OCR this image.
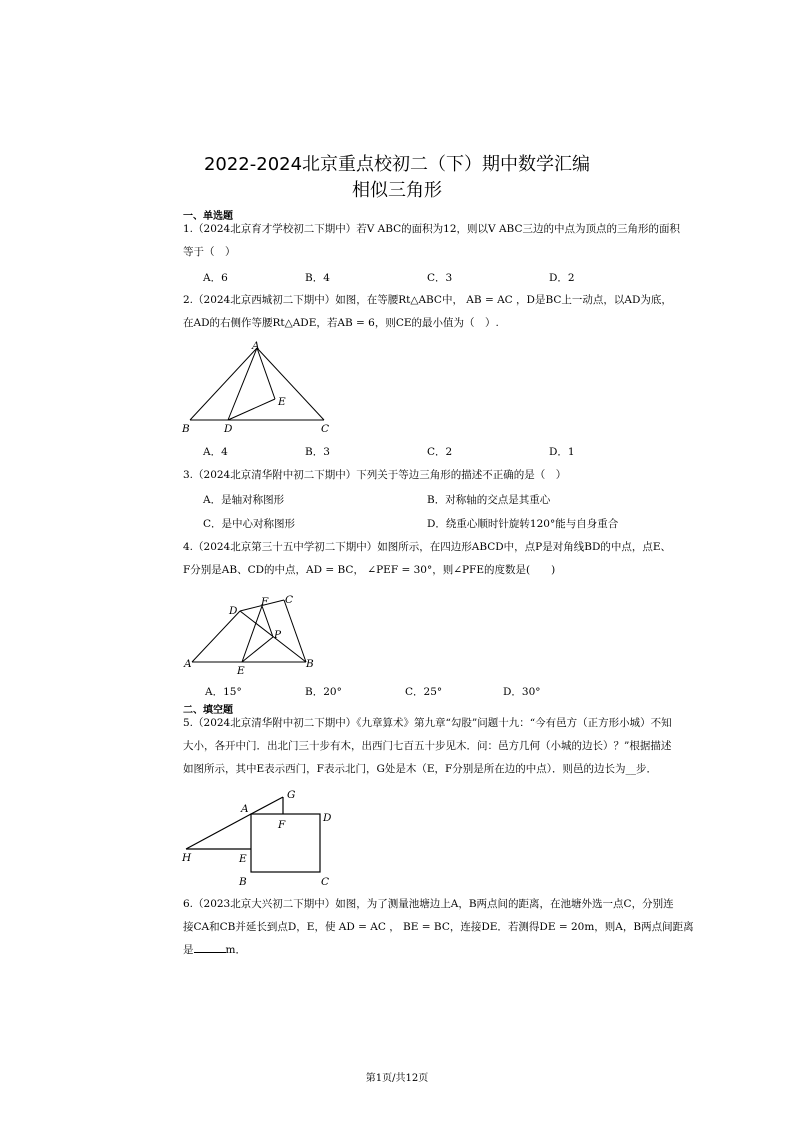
2022-2024北京重点校初二（下）期中数学汇编
相似三角形
一、单选题
1.（2024北京育才学校初二下期中）若V ABC的面积为12，则以V ABC三边的中点为顶点的三角形的面积
等于（　）
A．6	B．4	C．3	D．2
2.（2024北京西城初二下期中）如图，在等腰Rt△ABC中， AB = AC ，D是BC上一动点，以AD为底，
在AD的右侧作等腰Rt△ADE，若AB = 6，则CE的最小值为（　）.
A
B	C
D
E
A．4	B．3	C．2	D．1
3.（2024北京清华附中初二下期中）下列关于等边三角形的描述不正确的是（　）
A．是轴对称图形	B．对称轴的交点是其重心
C．是中心对称图形	D．绕重心顺时针旋转120°能与自身重合
4.（2024北京第三十五中学初二下期中）如图所示，在四边形ABCD中，点P是对角线BD的中点，点E、
F分别是AB、CD的中点，AD = BC， ∠PEF = 30°，则∠PFE的度数是(　　)
A	B
C
D
E
F
P
A．15°	B．20°	C．25°	D．30°
二、填空题
5.（2024北京清华附中初二下期中）《九章算术》第九章“勾股”问题十九：“今有邑方（正方形小城）不知
大小，各开中门．出北门三十步有木，出西门七百五十步见木．问：邑方几何（小城的边长）？”根据描述
如图所示，其中E表示西门，F表示北门，G处是木（E，F分别是所在边的中点）．则邑的边长为__步．
A
B	C
D
E
F
G
H
6.（2023北京大兴初二下期中）如图，为了测量池塘边上A，B两点间的距离，在池塘外选一点C，分别连
接CA和CB并延长到点D，E，使 AD = AC ， BE = BC，连接DE．若测得DE = 20m，则A，B两点间距离
是	m．
第1页/共12页
